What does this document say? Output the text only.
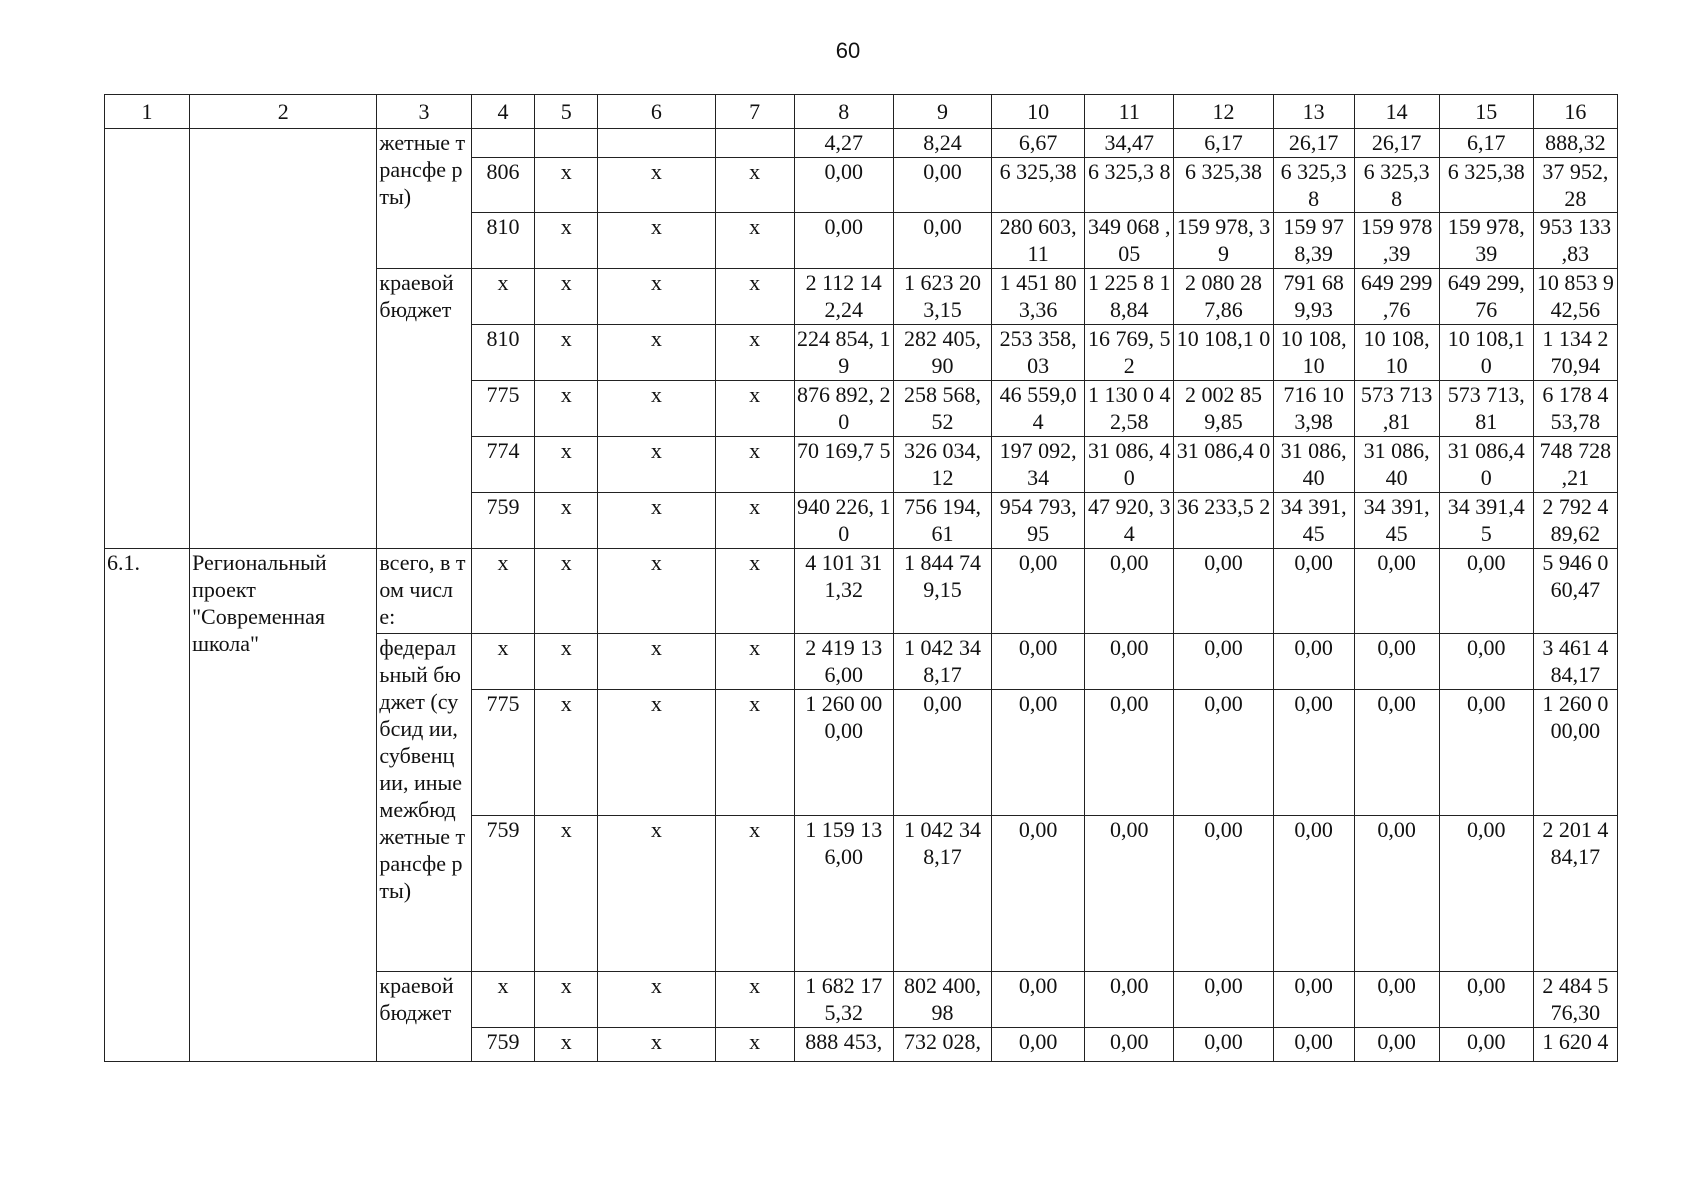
60
1	2	3	4	5	6	7	8	9	10	11	12	13	14	15	16
		жетные трансфе рты)					4,27	8,24	6,67	34,47	6,17	26,17	26,17	6,17	888,32
			806	x	x	x	0,00	0,00	6 325,38	6 325,3 8	6 325,38	6 325,3 8	6 325,3 8	6 325,38	37 952, 28
			810	x	x	x	0,00	0,00	280 603, 11	349 068 ,05	159 978, 39	159 97 8,39	159 978 ,39	159 978, 39	953 133 ,83
		краевой бюджет	x	x	x	x	2 112 14 2,24	1 623 20 3,15	1 451 80 3,36	1 225 8 18,84	2 080 28 7,86	791 68 9,93	649 299 ,76	649 299, 76	10 853 942,56
			810	x	x	x	224 854, 19	282 405, 90	253 358, 03	16 769, 52	10 108,1 0	10 108, 10	10 108, 10	10 108,1 0	1 134 2 70,94
			775	x	x	x	876 892, 20	258 568, 52	46 559,0 4	1 130 0 42,58	2 002 85 9,85	716 10 3,98	573 713 ,81	573 713, 81	6 178 4 53,78
			774	x	x	x	70 169,7 5	326 034, 12	197 092, 34	31 086, 40	31 086,4 0	31 086, 40	31 086, 40	31 086,4 0	748 728 ,21
			759	x	x	x	940 226, 10	756 194, 61	954 793, 95	47 920, 34	36 233,5 2	34 391, 45	34 391, 45	34 391,4 5	2 792 4 89,62
6.1.	Региональный проект "Современная школа"	всего, в том числе:	x	x	x	x	4 101 31 1,32	1 844 74 9,15	0,00	0,00	0,00	0,00	0,00	0,00	5 946 0 60,47
		федерал ьный бюджет (субсид ии, субвенц ии, иные межбюд жетные трансфе рты)	x	x	x	x	2 419 13 6,00	1 042 34 8,17	0,00	0,00	0,00	0,00	0,00	0,00	3 461 4 84,17
			775	x	x	x	1 260 00 0,00	0,00	0,00	0,00	0,00	0,00	0,00	0,00	1 260 0 00,00
			759	x	x	x	1 159 13 6,00	1 042 34 8,17	0,00	0,00	0,00	0,00	0,00	0,00	2 201 4 84,17
		краевой бюджет	x	x	x	x	1 682 17 5,32	802 400, 98	0,00	0,00	0,00	0,00	0,00	0,00	2 484 5 76,30
			759	x	x	x	888 453,	732 028,	0,00	0,00	0,00	0,00	0,00	0,00	1 620 4
